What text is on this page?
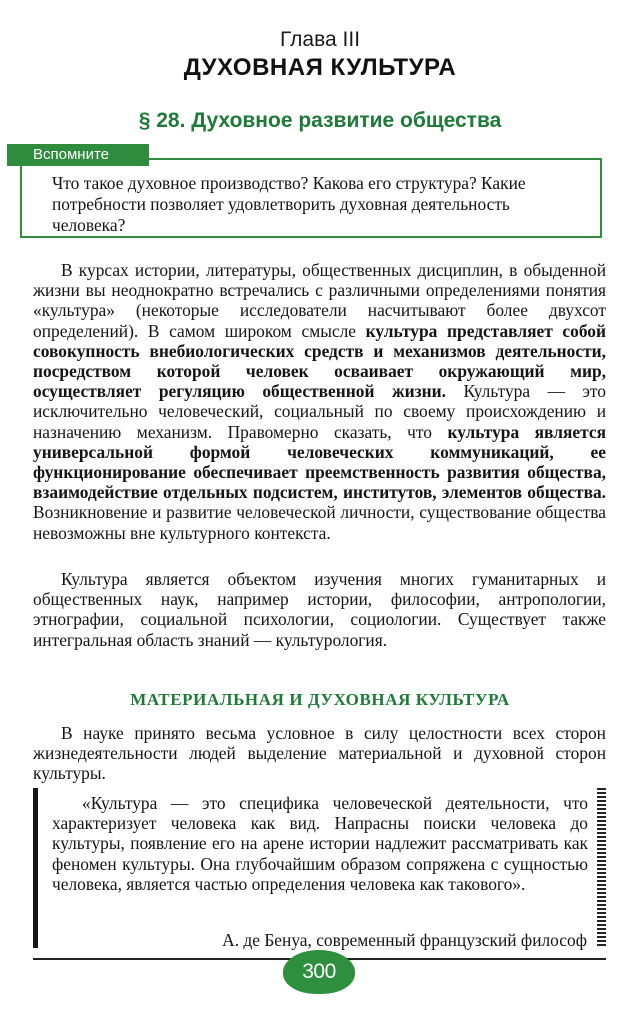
Глава III
ДУХОВНАЯ КУЛЬТУРА
§ 28. Духовное развитие общества
Вспомните

Что такое духовное производство? Какова его структура? Какие потребности позволяет удовлетворить духовная деятельность человека?

В курсах истории, литературы, общественных дисциплин, в обыденной жизни вы неоднократно встречались с различными определениями понятия «культура» (некоторые исследователи насчитывают более двухсот определений). В самом широком смысле культура представляет собой совокупность внебиологических средств и механизмов деятельности, посредством которой человек осваивает окружающий мир, осуществляет регуляцию общественной жизни. Культура — это исключительно человеческий, социальный по своему происхождению и назначению механизм. Правомерно сказать, что культура является универсальной формой человеческих коммуникаций, ее функционирование обеспечивает преемственность развития общества, взаимодействие отдельных подсистем, институтов, элементов общества. Возникновение и развитие человеческой личности, существование общества невозможны вне культурного контекста.

Культура является объектом изучения многих гуманитарных и общественных наук, например истории, философии, антропологии, этнографии, социальной психологии, социологии. Существует также интегральная область знаний — культурология.

МАТЕРИАЛЬНАЯ И ДУХОВНАЯ КУЛЬТУРА

В науке принято весьма условное в силу целостности всех сторон жизнедеятельности людей выделение материальной и духовной сторон культуры.

«Культура — это специфика человеческой деятельности, что характеризует человека как вид. Напрасны поиски человека до культуры, появление его на арене истории надлежит рассматривать как феномен культуры. Она глубочайшим образом сопряжена с сущностью человека, является частью определения человека как такового».

А. де Бенуа, современный французский философ

300
